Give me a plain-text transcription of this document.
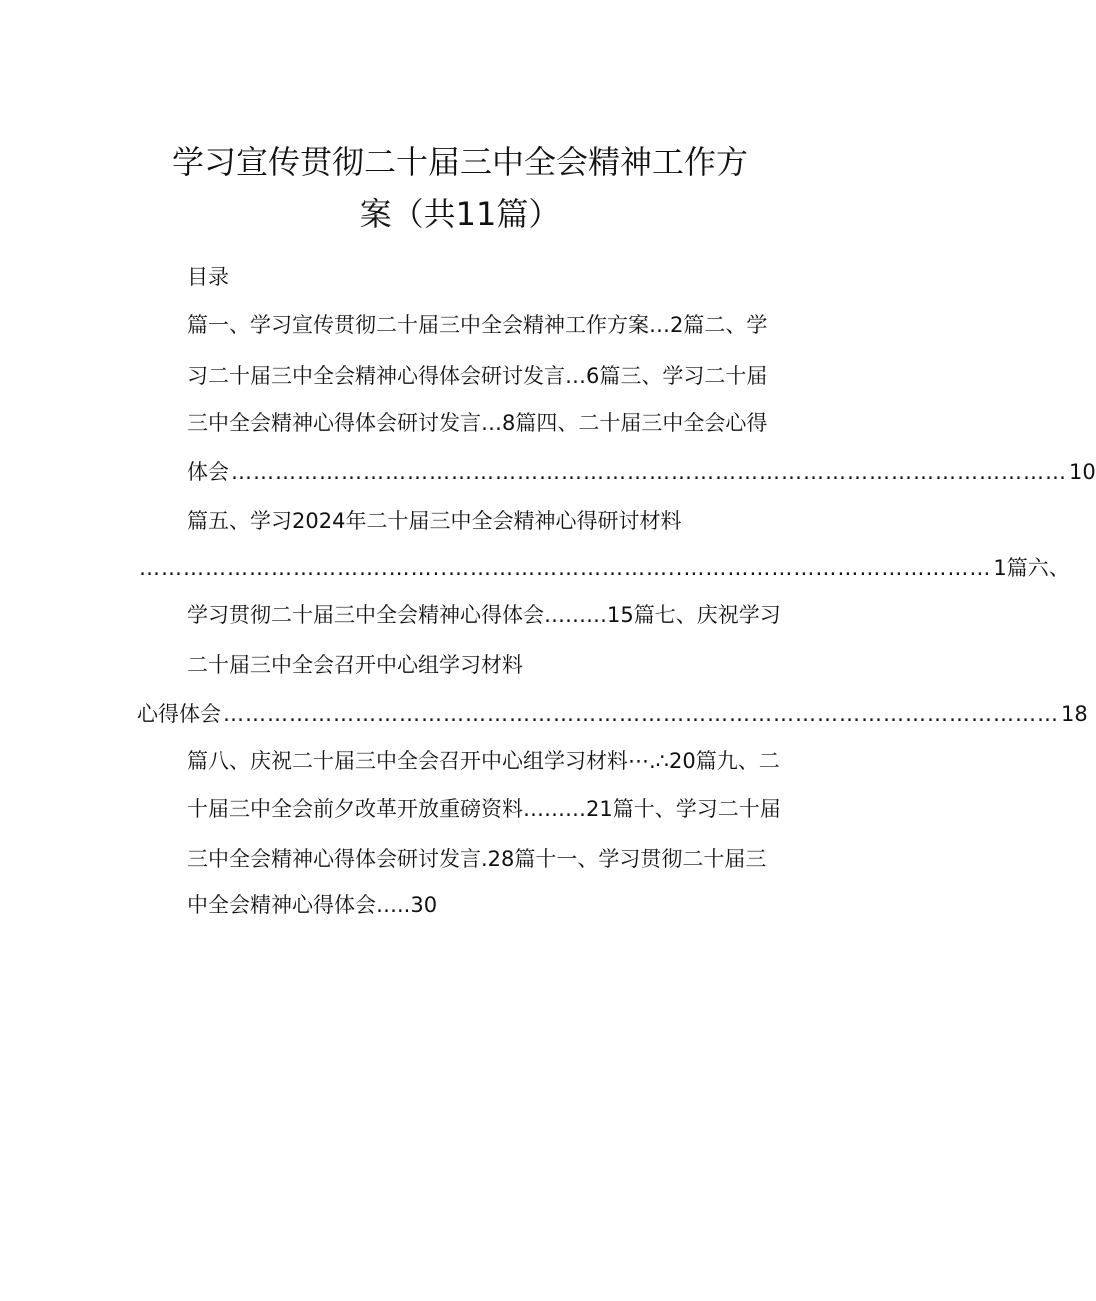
学习宣传贯彻二十届三中全会精神工作方
案（共11篇）
目录
篇一、学习宣传贯彻二十届三中全会精神工作方案…2篇二、学
习二十届三中全会精神心得体会研讨发言…6篇三、学习二十届
三中全会精神心得体会研讨发言…8篇四、二十届三中全会心得
体会 …………………………………………………………………………………………………… 10
篇五、学习2024年二十届三中全会精神心得研讨材料
…………………………….……..…………………………..…………………………………… 1篇六、
学习贯彻二十届三中全会精神心得体会………15篇七、庆祝学习
二十届三中全会召开中心组学习材料
心得体会 …………………………………………………………………………………………………… 18
篇八、庆祝二十届三中全会召开中心组学习材料⋯.∴20篇九、二
十届三中全会前夕改革开放重磅资料………21篇十、学习二十届
三中全会精神心得体会研讨发言.28篇十一、学习贯彻二十届三
中全会精神心得体会…..30
